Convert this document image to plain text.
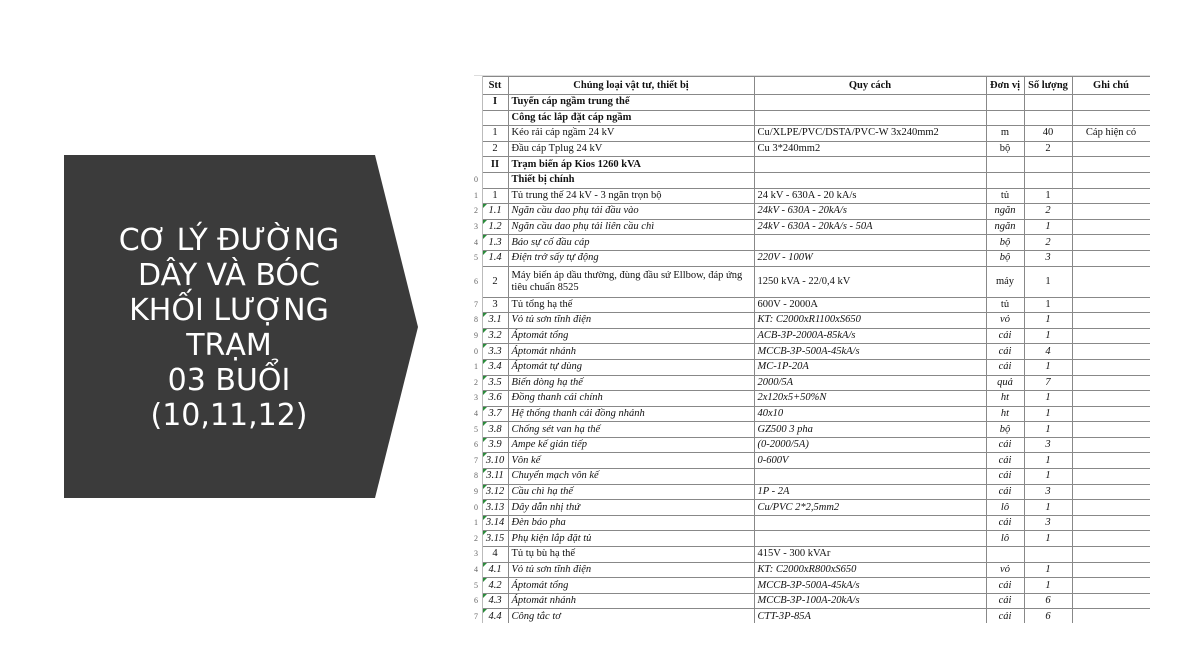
CƠ LÝ ĐƯỜNG
DÂY VÀ BÓC
KHỐI LƯỢNG
TRẠM
03 BUỔI
(10,11,12)
	Stt	Chủng loại vật tư, thiết bị	Quy cách	Đơn vị	Số lượng	Ghi chú
	I	Tuyến cáp ngầm trung thế				
		Công tác lắp đặt cáp ngầm				
	1	Kéo rải cáp ngầm 24 kV	Cu/XLPE/PVC/DSTA/PVC-W 3x240mm2	m	40	Cáp hiện có
	2	Đầu cáp Tplug 24 kV	Cu 3*240mm2	bộ	2	
	II	Trạm biến áp Kios 1260 kVA				
0		Thiết bị chính				
1	1	Tủ trung thế 24 kV - 3 ngăn trọn bộ	24 kV - 630A - 20 kA/s	tủ	1	
2	1.1	Ngăn cầu dao phụ tải đầu vào	24kV - 630A - 20kA/s	ngăn	2	
3	1.2	Ngăn cầu dao phụ tải liên cầu chì	24kV - 630A - 20kA/s - 50A	ngăn	1	
4	1.3	Báo sự cố đầu cáp		bộ	2	
5	1.4	Điện trở sấy tự động	220V - 100W	bộ	3	
6	2	Máy biến áp dầu thường, đùng đầu sứ Ellbow, đáp ứng tiêu chuẩn 8525	1250 kVA - 22/0,4 kV	máy	1	
7	3	Tủ tổng hạ thế	600V - 2000A	tủ	1	
8	3.1	Vỏ tủ sơn tĩnh điện	KT: C2000xR1100xS650	vỏ	1	
9	3.2	Áptomát tổng	ACB-3P-2000A-85kA/s	cái	1	
0	3.3	Áptomát nhánh	MCCB-3P-500A-45kA/s	cái	4	
1	3.4	Áptomát tự dùng	MC-1P-20A	cái	1	
2	3.5	Biến dòng hạ thế	2000/5A	quả	7	
3	3.6	Đồng thanh cái chính	2x120x5+50%N	ht	1	
4	3.7	Hệ thống thanh cái đồng nhánh	40x10	ht	1	
5	3.8	Chống sét van hạ thế	GZ500 3 pha	bộ	1	
6	3.9	Ampe kế gián tiếp	(0-2000/5A)	cái	3	
7	3.10	Vôn kế	0-600V	cái	1	
8	3.11	Chuyển mạch vôn kế		cái	1	
9	3.12	Cầu chì hạ thế	1P - 2A	cái	3	
0	3.13	Dây dẫn nhị thứ	Cu/PVC 2*2,5mm2	lô	1	
1	3.14	Đèn báo pha		cái	3	
2	3.15	Phụ kiện lắp đặt tủ		lô	1	
3	4	Tủ tụ bù hạ thế	415V - 300 kVAr			
4	4.1	Vỏ tủ sơn tĩnh điện	KT: C2000xR800xS650	vỏ	1	
5	4.2	Áptomát tổng	MCCB-3P-500A-45kA/s	cái	1	
6	4.3	Áptomát nhánh	MCCB-3P-100A-20kA/s	cái	6	
7	4.4	Công tắc tơ	CTT-3P-85A	cái	6	
